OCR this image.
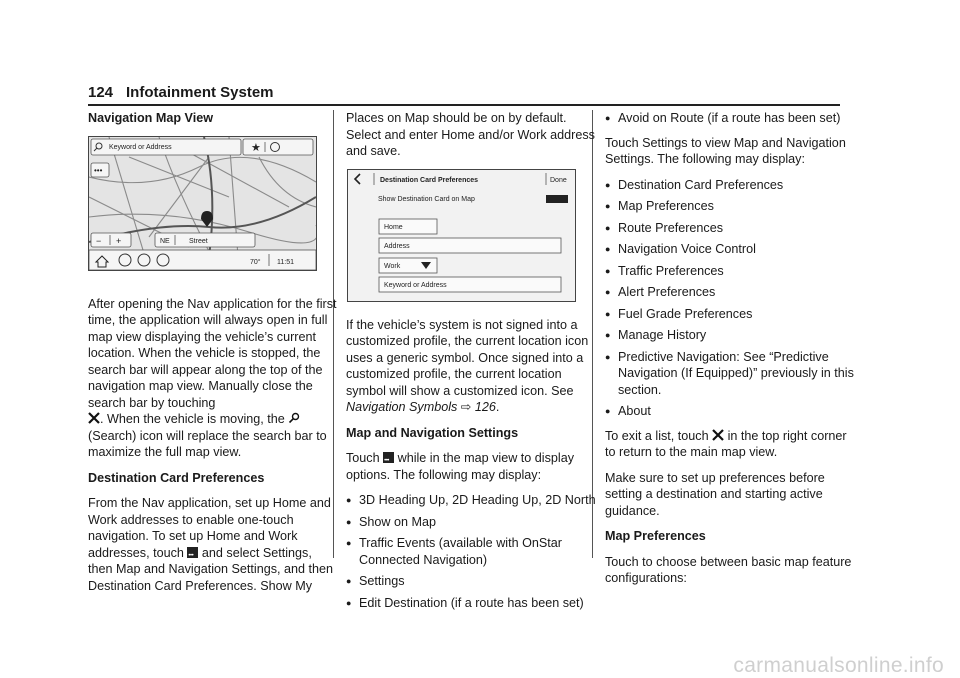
124 Infotainment System

Navigation Map View

After opening the Nav application for the first time, the application will always open in full map view displaying the vehicle’s current location. When the vehicle is stopped, the search bar will appear along the top of the navigation map view. Manually close the search bar by touching
. When the vehicle is moving, the  (Search) icon will replace the search bar to maximize the full map view.

Destination Card Preferences

From the Nav application, set up Home and Work addresses to enable one-touch navigation. To set up Home and Work addresses, touch ••• and select Settings, then Map and Navigation Settings, and then Destination Card Preferences. Show My

Keyword or Address	★
•••
− +	NE	Street
70° 11:51

Places on Map should be on by default. Select and enter Home and/or Work address and save.

If the vehicle’s system is not signed into a customized profile, the current location icon uses a generic symbol. Once signed into a customized profile, the current location symbol will show a customized icon. See Navigation Symbols ⇨ 126.

Map and Navigation Settings

Touch ••• while in the map view to display options. The following may display:

● 3D Heading Up, 2D Heading Up, 2D North
● Show on Map
● Traffic Events (available with OnStar Connected Navigation)
● Settings
● Edit Destination (if a route has been set)
Destination Card Preferences	Done
Show Destination Card on Map
Home
Address
Work
Keyword or Address
● Avoid on Route (if a route has been set)

Touch Settings to view Map and Navigation Settings. The following may display:

● Destination Card Preferences
● Map Preferences
● Route Preferences
● Navigation Voice Control
● Traffic Preferences
● Alert Preferences
● Fuel Grade Preferences
● Manage History
● Predictive Navigation: See “Predictive Navigation (If Equipped)” previously in this section.
● About

To exit a list, touch in the top right corner to return to the main map view.

Make sure to set up preferences before setting a destination and starting active guidance.

Map Preferences

Touch to choose between basic map feature configurations:

carmanualsonline.info
